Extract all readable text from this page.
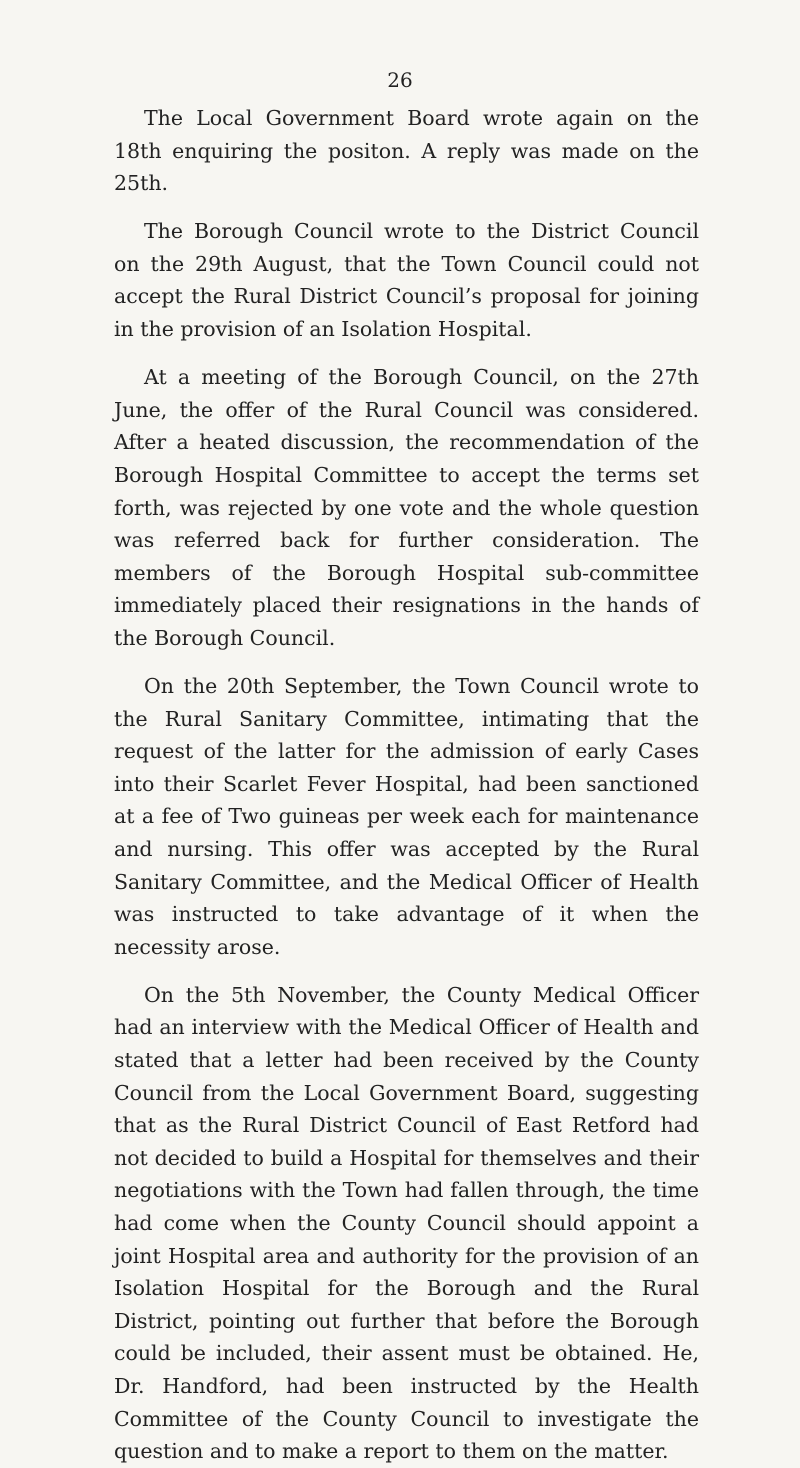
26

The Local Government Board wrote again on the 18th enquiring the positon. A reply was made on the 25th.

The Borough Council wrote to the District Council on the 29th August, that the Town Council could not accept the Rural District Council’s proposal for joining in the provision of an Isolation Hospital.

At a meeting of the Borough Council, on the 27th June, the offer of the Rural Council was considered. After a heated discussion, the recommendation of the Borough Hospital Committee to accept the terms set forth, was rejected by one vote and the whole question was referred back for further consideration. The members of the Borough Hospital sub-committee immediately placed their resignations in the hands of the Borough Council.

On the 20th September, the Town Council wrote to the Rural Sanitary Committee, intimating that the request of the latter for the admission of early Cases into their Scarlet Fever Hospital, had been sanctioned at a fee of Two guineas per week each for maintenance and nursing. This offer was accepted by the Rural Sanitary Committee, and the Medical Officer of Health was instructed to take advantage of it when the necessity arose.

On the 5th November, the County Medical Officer had an interview with the Medical Officer of Health and stated that a letter had been received by the County Council from the Local Government Board, suggesting that as the Rural District Council of East Retford had not decided to build a Hospital for themselves and their negotiations with the Town had fallen through, the time had come when the County Council should appoint a joint Hospital area and authority for the provision of an Isolation Hospital for the Borough and the Rural District, pointing out further that before the Borough could be included, their assent must be obtained. He, Dr. Handford, had been instructed by the Health Committee of the County Council to investigate the question and to make a report to them on the matter.
